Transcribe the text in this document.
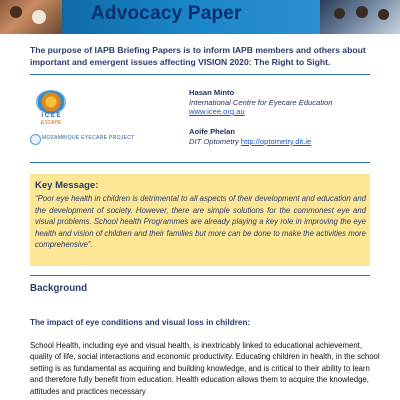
Advocacy Paper
The purpose of IAPB Briefing Papers is to inform IAPB members and others about important and emergent issues affecting VISION 2020: The Right to Sight.
I C E E
ESCAPE
MOZAMBIQUE EYECARE PROJECT
Hasan Minto
International Centre for Eyecare Education
www.icee.org.au
Aoife Phelan
DIT Optometry http://optometry.dit.ie
Key Message:
“Poor eye health in children is detrimental to all aspects of their development and education and the development of society. However, there are simple solutions for the commonest eye and visual problems. School health Programmes are already playing a key role in improving the eye health and vision of children and their families but more can be done to make the activities more comprehensive”.
Background
The impact of eye conditions and visual loss in children:
School Health, including eye and visual health, is inextricably linked to educational achievement, quality of life, social interactions and economic productivity. Educating children in health, in the school setting is as fundamental as acquiring and building knowledge, and is critical to their ability to learn and therefore fully benefit from education. Health education allows them to acquire the knowledge, attitudes and practices necessary
